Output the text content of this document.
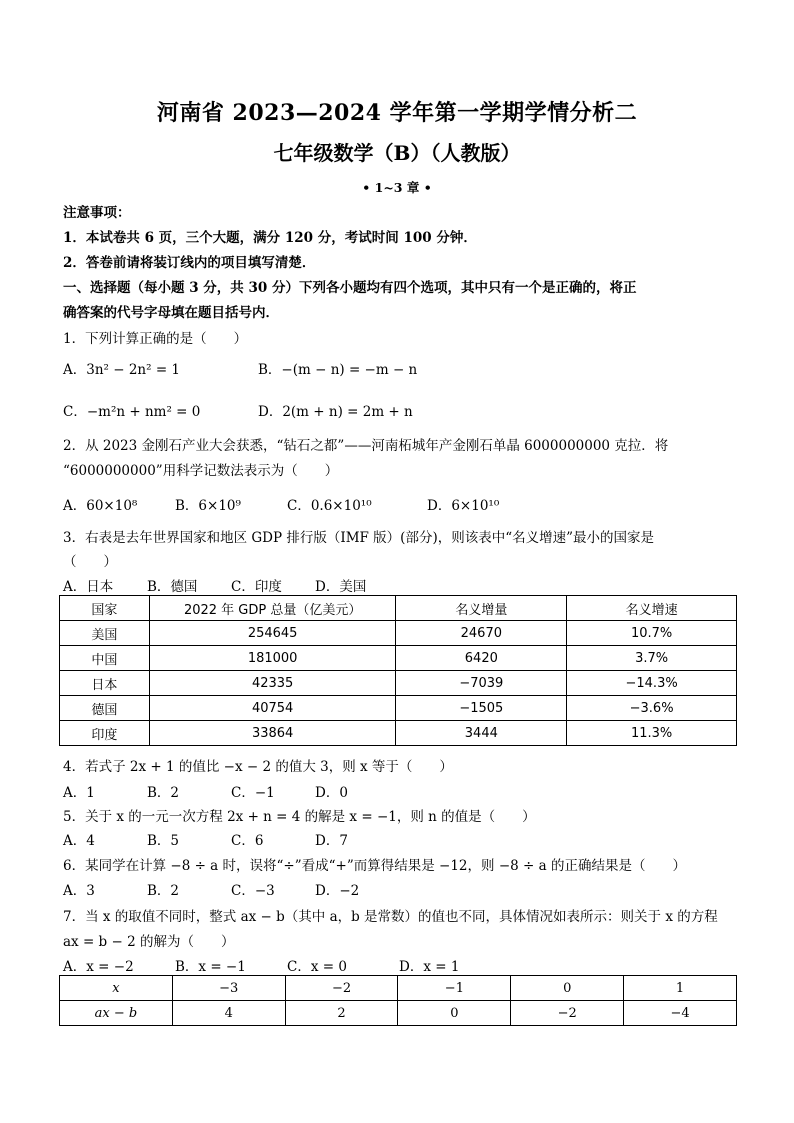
河南省 2023—2024 学年第一学期学情分析二
七年级数学（B）（人教版）
• 1~3 章 •
注意事项：
1．本试卷共 6 页，三个大题，满分 120 分，考试时间 100 分钟．
2．答卷前请将装订线内的项目填写清楚．
一、选择题（每小题 3 分，共 30 分）下列各小题均有四个选项，其中只有一个是正确的，将正
确答案的代号字母填在题目括号内．
1．下列计算正确的是（　　）
A．3n² − 2n² = 1	B．−(m − n) = −m − n
C．−m²n + nm² = 0	D．2(m + n) = 2m + n
2．从 2023 金刚石产业大会获悉，“钻石之都”——河南柘城年产金刚石单晶 6000000000 克拉．将
“6000000000”用科学记数法表示为（　　）
A．60×10⁸	B．6×10⁹	C．0.6×10¹⁰	D．6×10¹⁰
3．右表是去年世界国家和地区 GDP 排行版（IMF 版）(部分)，则该表中“名义增速”最小的国家是
（　　）
A．日本	B．德国 C．印度 D．美国
国家	2022 年 GDP 总量（亿美元）	名义增量	名义增速
美国	254645	24670	10.7%
中国	181000	6420	3.7%
日本	42335	−7039	−14.3%
德国	40754	−1505	−3.6%
印度	33864	3444	11.3%
4．若式子 2x + 1 的值比 −x − 2 的值大 3，则 x 等于（　　）
A．1	B．2	C．−1	D．0
5．关于 x 的一元一次方程 2x + n = 4 的解是 x = −1，则 n 的值是（　　）
A．4	B．5	C．6	D．7
6．某同学在计算 −8 ÷ a 时，误将“÷”看成“+”而算得结果是 −12，则 −8 ÷ a 的正确结果是（　　）
A．3	B．2	C．−3	D．−2
7．当 x 的取值不同时，整式 ax − b（其中 a，b 是常数）的值也不同，具体情况如表所示：则关于 x 的方程
ax = b − 2 的解为（　　）
A．x = −2	B．x = −1	C．x = 0	D．x = 1
x	−3	−2	−1	0	1
ax − b	4	2	0	−2	−4
